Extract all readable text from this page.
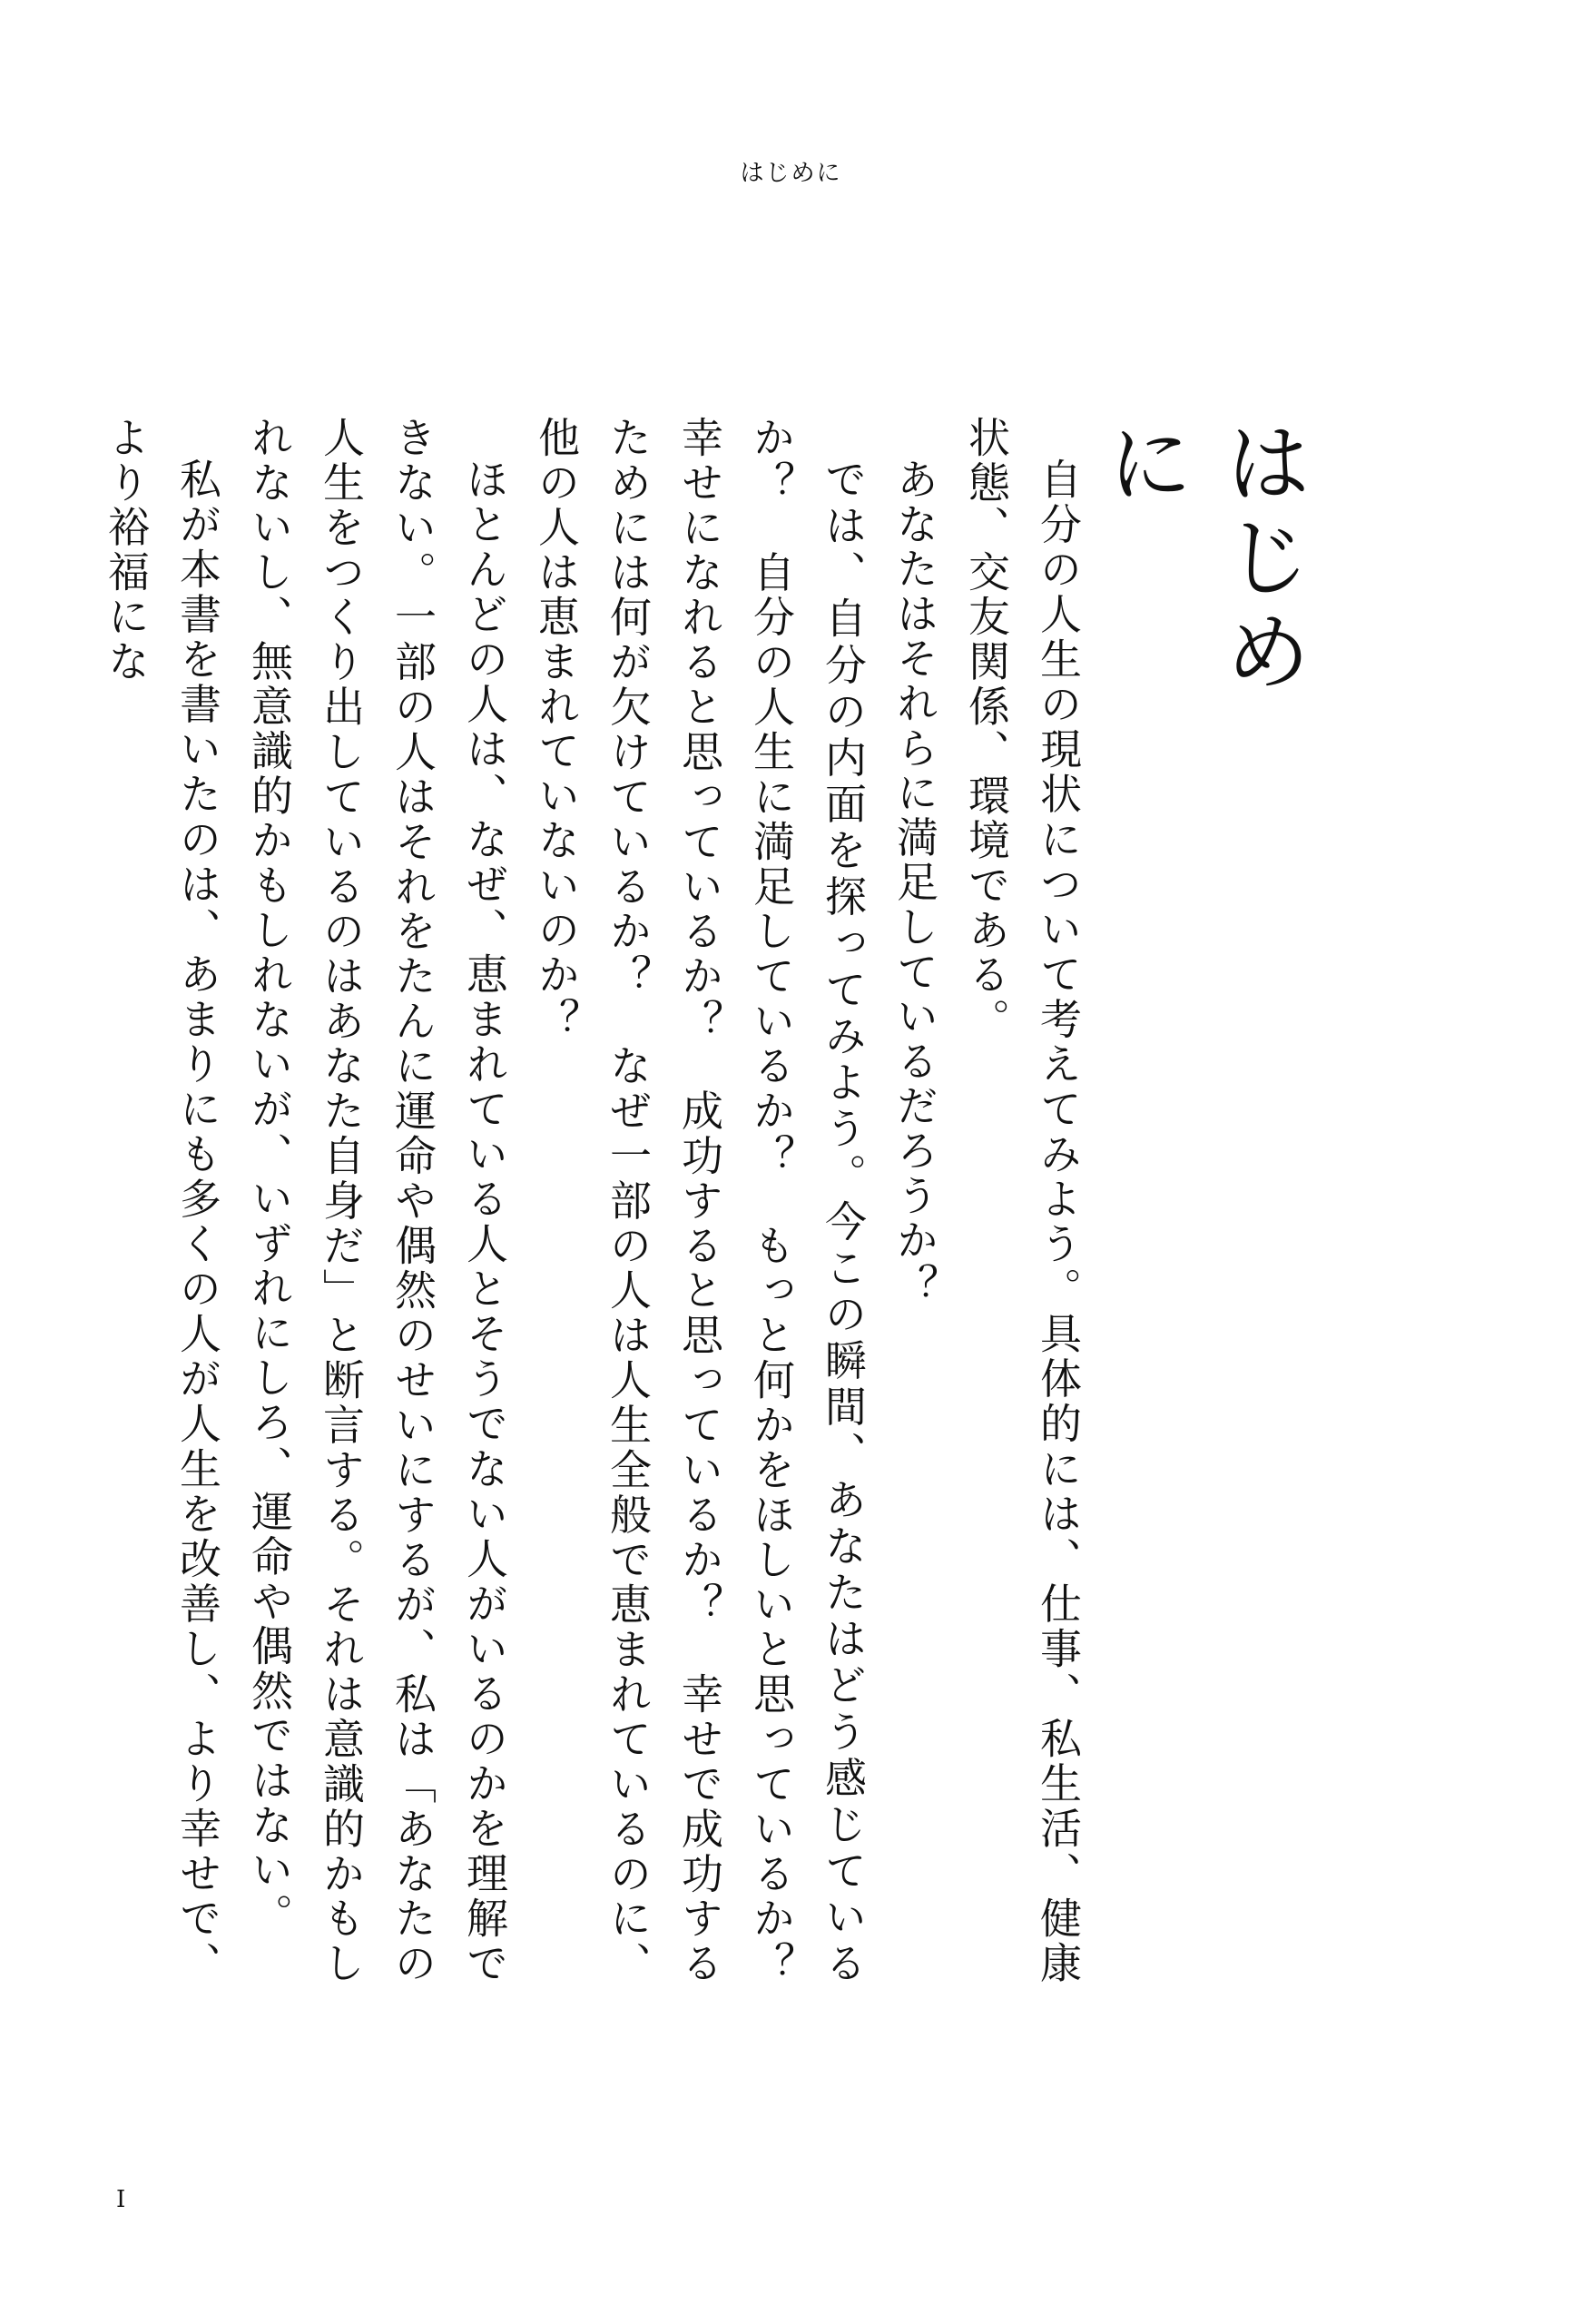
はじめに
はじめに

自分の人生の現状について考えてみよう。具体的には、仕事、私生活、健康状態、交友関係、環境である。

あなたはそれらに満足しているだろうか？

では、自分の内面を探ってみよう。今この瞬間、あなたはどう感じているか？　自分の人生に満足しているか？　もっと何かをほしいと思っているか？　幸せになれると思っているか？　成功すると思っているか？　幸せで成功するためには何が欠けているか？　なぜ一部の人は人生全般で恵まれているのに、他の人は恵まれていないのか？

ほとんどの人は、なぜ、恵まれている人とそうでない人がいるのかを理解できない。一部の人はそれをたんに運命や偶然のせいにするが、私は「あなたの人生をつくり出しているのはあなた自身だ」と断言する。それは意識的かもしれないし、無意識的かもしれないが、いずれにしろ、運命や偶然ではない。

私が本書を書いたのは、あまりにも多くの人が人生を改善し、より幸せで、より裕福にな

I
